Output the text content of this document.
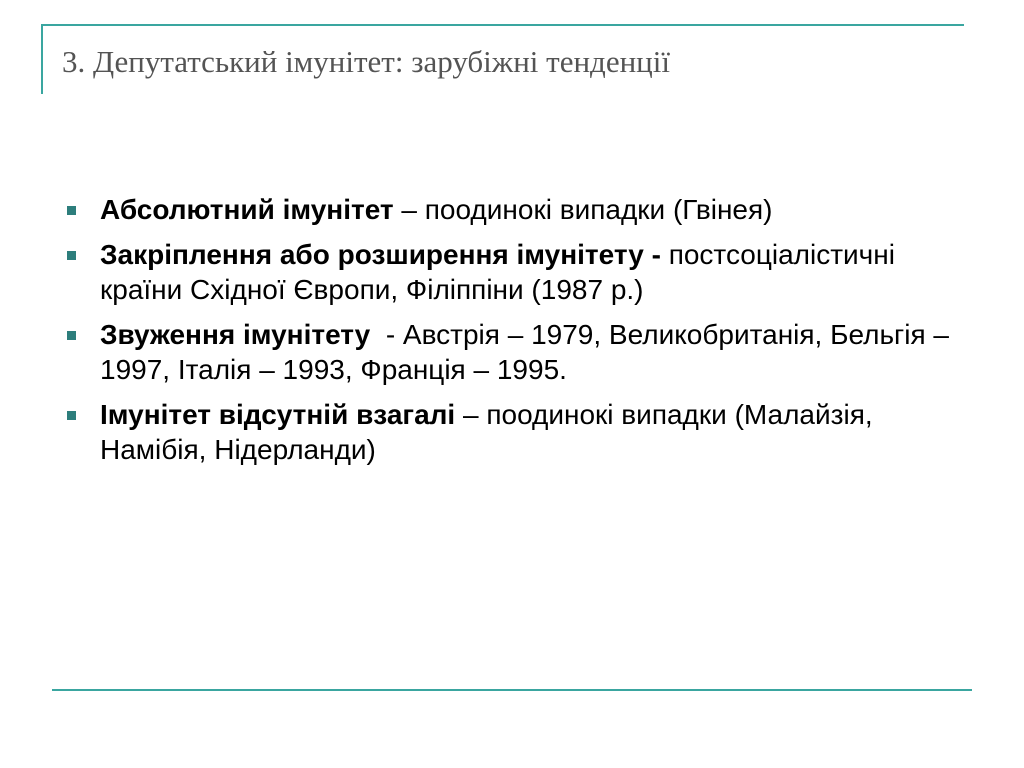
3. Депутатський імунітет: зарубіжні тенденції
Абсолютний імунітет – поодинокі випадки (Гвінея)
Закріплення або розширення імунітету - постсоціалістичні країни Східної Європи, Філіппіни (1987 р.)
Звуження імунітету  - Австрія – 1979, Великобританія, Бельгія – 1997, Італія – 1993, Франція – 1995.
Імунітет відсутній взагалі – поодинокі випадки (Малайзія, Намібія, Нідерланди)
